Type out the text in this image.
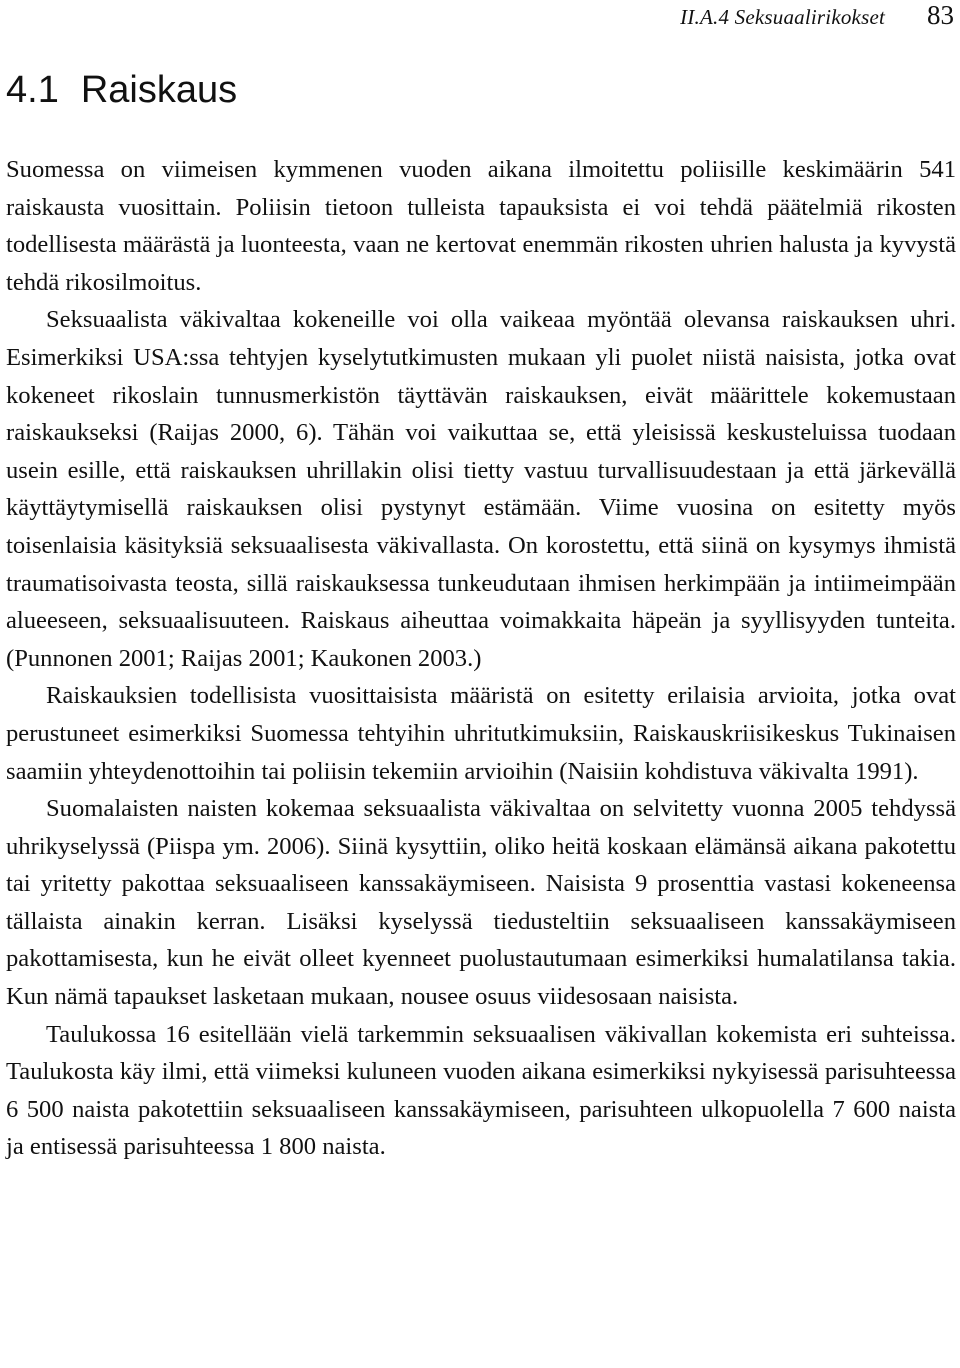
II.A.4 Seksuaalirikokset 83
4.1 Raiskaus

Suomessa on viimeisen kymmenen vuoden aikana ilmoitettu poliisille keskimäärin 541 raiskausta vuosittain. Poliisin tietoon tulleista tapauksista ei voi tehdä päätelmiä rikosten todellisesta määrästä ja luonteesta, vaan ne kertovat enemmän rikosten uhrien halusta ja kyvystä tehdä rikosilmoitus.

Seksuaalista väkivaltaa kokeneille voi olla vaikeaa myöntää olevansa raiskauksen uhri. Esimerkiksi USA:ssa tehtyjen kyselytutkimusten mukaan yli puolet niistä naisista, jotka ovat kokeneet rikoslain tunnusmerkistön täyttävän raiskauksen, eivät määrittele kokemustaan raiskaukseksi (Raijas 2000, 6). Tähän voi vaikuttaa se, että yleisissä keskusteluissa tuodaan usein esille, että raiskauksen uhrillakin olisi tietty vastuu turvallisuudestaan ja että järkevällä käyttäytymisellä raiskauksen olisi pystynyt estämään. Viime vuosina on esitetty myös toisenlaisia käsityksiä seksuaalisesta väkivallasta. On korostettu, että siinä on kysymys ihmistä traumatisoivasta teosta, sillä raiskauksessa tunkeudutaan ihmisen herkimpään ja intiimeimpään alueeseen, seksuaalisuuteen. Raiskaus aiheuttaa voimakkaita häpeän ja syyllisyyden tunteita. (Punnonen 2001; Raijas 2001; Kaukonen 2003.)

Raiskauksien todellisista vuosittaisista määristä on esitetty erilaisia arvioita, jotka ovat perustuneet esimerkiksi Suomessa tehtyihin uhritutkimuksiin, Raiskauskriisikeskus Tukinaisen saamiin yhteydenottoihin tai poliisin tekemiin arvioihin (Naisiin kohdistuva väkivalta 1991).

Suomalaisten naisten kokemaa seksuaalista väkivaltaa on selvitetty vuonna 2005 tehdyssä uhrikyselyssä (Piispa ym. 2006). Siinä kysyttiin, oliko heitä koskaan elämänsä aikana pakotettu tai yritetty pakottaa seksuaaliseen kanssakäymiseen. Naisista 9 prosenttia vastasi kokeneensa tällaista ainakin kerran. Lisäksi kyselyssä tiedusteltiin seksuaaliseen kanssakäymiseen pakottamisesta, kun he eivät olleet kyenneet puolustautumaan esimerkiksi humalatilansa takia. Kun nämä tapaukset lasketaan mukaan, nousee osuus viidesosaan naisista.

Taulukossa 16 esitellään vielä tarkemmin seksuaalisen väkivallan kokemista eri suhteissa. Taulukosta käy ilmi, että viimeksi kuluneen vuoden aikana esimerkiksi nykyisessä parisuhteessa 6 500 naista pakotettiin seksuaaliseen kanssakäymiseen, parisuhteen ulkopuolella 7 600 naista ja entisessä parisuhteessa 1 800 naista.
